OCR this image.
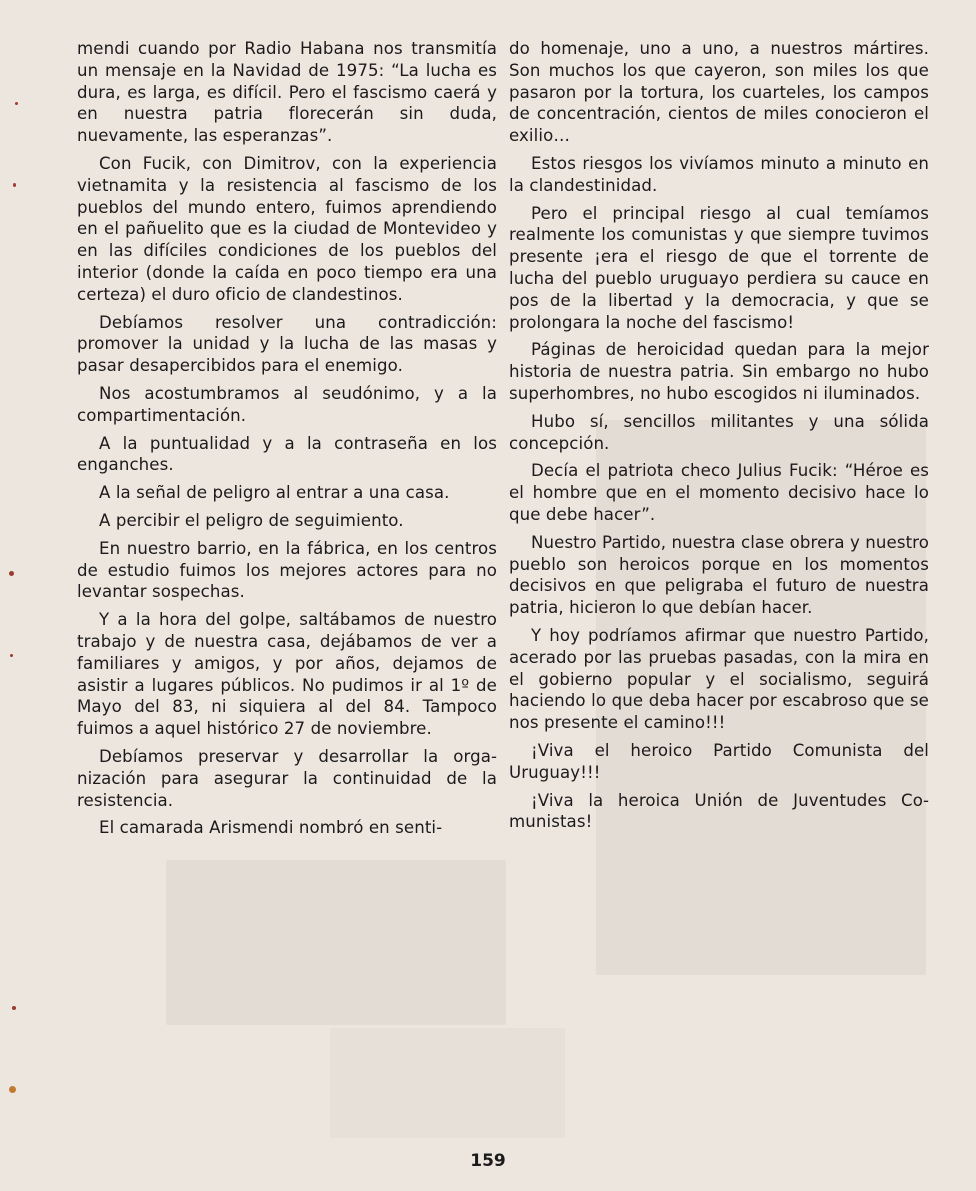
mendi cuando por Radio Habana nos transmitía un mensaje en la Navidad de 1975: “La lucha es dura, es larga, es difícil. Pero el fascismo caerá y en nuestra patria florecerán sin duda, nuevamente, las esperanzas”.

Con Fucik, con Dimitrov, con la experiencia vietnamita y la resistencia al fascismo de los pueblos del mundo entero, fuimos aprendiendo en el pañuelito que es la ciudad de Montevideo y en las difíciles condiciones de los pueblos del interior (donde la caída en poco tiempo era una certeza) el duro oficio de clandestinos.

Debíamos resolver una contradicción: promover la unidad y la lucha de las masas y pasar desapercibidos para el enemigo.

Nos acostumbramos al seudónimo, y a la compartimentación.

A la puntualidad y a la contraseña en los enganches.

A la señal de peligro al entrar a una casa.

A percibir el peligro de seguimiento.

En nuestro barrio, en la fábrica, en los centros de estudio fuimos los mejores actores para no levantar sospechas.

Y a la hora del golpe, saltábamos de nuestro trabajo y de nuestra casa, dejábamos de ver a familiares y amigos, y por años, dejamos de asistir a lugares públicos. No pudimos ir al 1º de Mayo del 83, ni siquiera al del 84. Tampoco fuimos a aquel histórico 27 de noviembre.

Debíamos preservar y desarrollar la organización para asegurar la continuidad de la resistencia.

El camarada Arismendi nombró en senti-

do homenaje, uno a uno, a nuestros mártires. Son muchos los que cayeron, son miles los que pasaron por la tortura, los cuarteles, los campos de concentración, cientos de miles conocieron el exilio…

Estos riesgos los vivíamos minuto a minuto en la clandestinidad.

Pero el principal riesgo al cual temíamos realmente los comunistas y que siempre tuvimos presente ¡era el riesgo de que el torrente de lucha del pueblo uruguayo perdiera su cauce en pos de la libertad y la democracia, y que se prolongara la noche del fascismo!

Páginas de heroicidad quedan para la mejor historia de nuestra patria. Sin embargo no hubo superhombres, no hubo escogidos ni iluminados.

Hubo sí, sencillos militantes y una sólida concepción.

Decía el patriota checo Julius Fucik: “Héroe es el hombre que en el momento decisivo hace lo que debe hacer”.

Nuestro Partido, nuestra clase obrera y nuestro pueblo son heroicos porque en los momentos decisivos en que peligraba el futuro de nuestra patria, hicieron lo que debían hacer.

Y hoy podríamos afirmar que nuestro Partido, acerado por las pruebas pasadas, con la mira en el gobierno popular y el socialismo, seguirá haciendo lo que deba hacer por escabroso que se nos presente el camino!!!

¡Viva el heroico Partido Comunista del Uruguay!!!

¡Viva la heroica Unión de Juventudes Comunistas!

159
